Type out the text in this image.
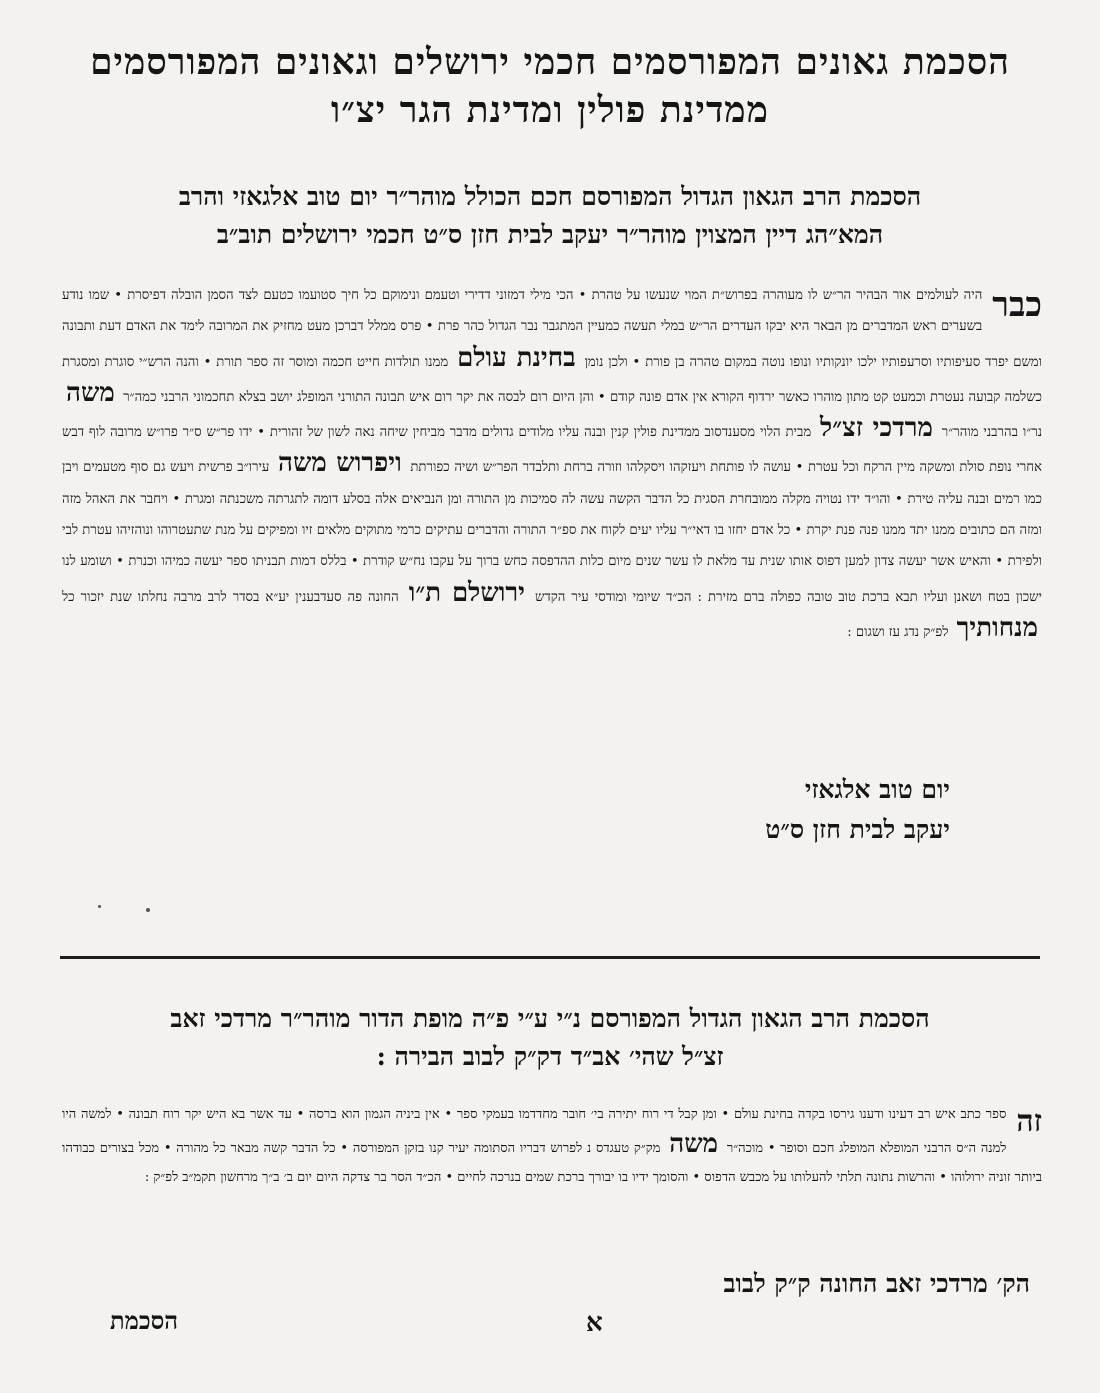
הסכמת גאונים המפורסמים חכמי ירושלים וגאונים המפורסמים
ממדינת פולין ומדינת הגר יצ״ו
הסכמת הרב הגאון הגדול המפורסם חכם הכולל מוהר״ר יום טוב אלגאזי והרב
המא״הג דיין המצוין מוהר״ר יעקב לבית חזן ס״ט חכמי ירושלים תוב״ב
כבר
היה לעולמים אור הבהיר הר״ש לו מעוהרה בפרוש״ת המוי שנעשו על טהרת • הכי מילי דמזוני דדירי וטעמם ונימוקם כל חיך סטועמו כטעם לצד הסמן הובלה דפיסרת • שמו נודע בשערים ראש המדברים מן הבאר היא יבקו העדרים הר״ש במלי תעשה כמעיין המתגבר נבר הגדול כהר פרת • פרס ממלל דברכן מעט מחזיק את המרובה לימד את האדם דעת ותבונה ומשם יפרד סעיפותיו וסרעפותיו ילכו יונקותיו ונופו נוטה במקום טהרה בן פורת • ולכן נומן בחינת עולם ממנו תולדות חייט חכמה ומוסר זה ספר תורת • והנה הרש״י סוגרת ומסגרת כשלמה קבועה נעטרת וכמעט קט מתון מוהרו כאשר ירדוף הקורא אין אדם פונה קודם • והן היום רום לבסה את יקר רום איש תבונה התורני המופלג יושב בצלא תחכמוני הרבני כמה״ר משה נר״ו בהרבני מוהר״ר מרדכי זצ״ל מבית הלוי מסענדסוב ממדינת פולין קנין ובנה עליו מלודים גדולים מדבר מביחין שיחה נאה לשון של זהורית • ידו פר״ש ס״ר פרו״ש מרובה לוף דבש אחרי נופת סולת ומשקה מיין הרקח וכל עטרת • עושה לו פותחת ויעזקהו ויסקלהו וזורה ברחת ותלבדר הפר״ש ושיה כפורתת ויפרוש משה עירו״ב פרשית ויעש גם סוף מטעמים ויבן כמו רמים ובנה עליה טירת • והו״ד ידו נטויה מקלה ממובחרת הסגית כל הדבר הקשה עשה לה סמיכות מן התורה ומן הנביאים אלה בסלע דומה לתגרתה משכנתה ומגרת • ויחבר את האהל מזה ומזה הם כתובים ממנו יתד ממנו פנה פנת יקרת • כל אדם יחזו בו דאי״ר עליו יעים לקוח את ספ״ר התורה והדברים עתיקים כרמי מתוקים מלאים זיו ומפיקים על מנת שתעטרוהו ונוהזיהו עטרת לבי ולפירת • והאיש אשר יעשה צדון למען דפוס אותו שנית עד מלאת לו עשר שנים מיום כלות ההדפסה כחש ברוך על עקבו נח״ש קודרת • בללס דמות תבניתו ספר יעשה כמיהו וכנרת • ושומע לנו ישכון בטח ושאנן ועליו תבא ברכת טוב טובה כפולה ברם מזירת : הכ״ד שיומי ומודסי עיר הקדש ירושלם ת״ו החונה פה סעדבענין יע״א בסדר לרב מרבה נחלתו שנת יזכור כל מנחותיך לפ״ק נדג עז ושגום :
יום טוב אלגאזי
יעקב לבית חזן ס״ט
הסכמת הרב הגאון הגדול המפורסם נ״י ע״י פ״ה מופת הדור מוהר״ר מרדכי זאב
זצ״ל שהי׳ אב״ד דק״ק לבוב הבירה :
זה
ספר כתב איש רב דעינו ודענו גירסו בקדה בחינת עולם • ומן קבל די רוח יתירה בי׳ חובר מחדדמו בעמקי ספר • אין ביניה הגמון הוא ברסה • עד אשר בא היש יקר רוח תבונה • למשה היו למנה ה״ס הרבני המופלא המופלג חכם וסופר • מוכה״ר משה מק״ק טעגדס נ לפרוש דבריו הסתומה יעיר קנו בזקן המפורסה • כל הדבר קשה מבאר כל מהורה • מכל בצורים כבודהו ביותר זוניה ירולוהו • והרשות נתונה תלתי להעלותו על מכבש הדפוס • והסומך ידיו בו יבורך ברכת שמים בנרכה לחיים • הכ״ד הסר בר צדקה היום יום ב׳ ב״ך מרחשון תקמ״ב לפ״ק :
הק׳ מרדכי זאב החונה ק״ק לבוב
הסכמת	א
